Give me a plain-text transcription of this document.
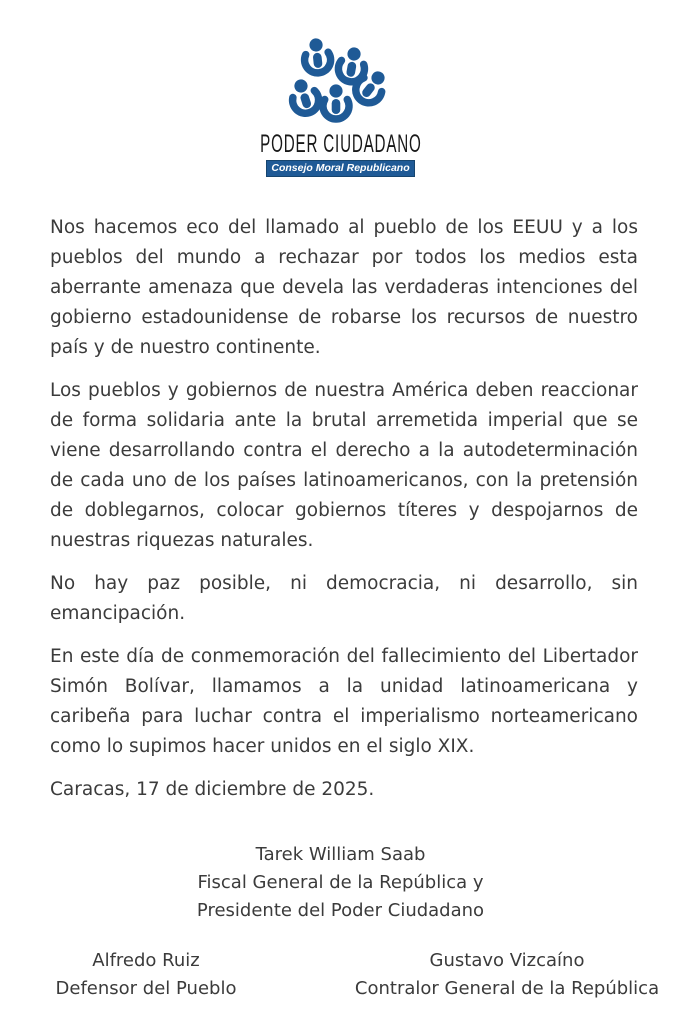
PODER CIUDADANO
Consejo Moral Republicano

Nos hacemos eco del llamado al pueblo de los EEUU y a los pueblos del mundo a rechazar por todos los medios esta aberrante amenaza que devela las verdaderas intenciones del gobierno estadounidense de robarse los recursos de nuestro país y de nuestro continente.

Los pueblos y gobiernos de nuestra América deben reaccionar de forma solidaria ante la brutal arremetida imperial que se viene desarrollando contra el derecho a la autodeterminación de cada uno de los países latinoamericanos, con la pretensión de doblegarnos, colocar gobiernos títeres y despojarnos de nuestras riquezas naturales.

No hay paz posible, ni democracia, ni desarrollo, sin emancipación.

En este día de conmemoración del fallecimiento del Libertador Simón Bolívar, llamamos a la unidad latinoamericana y caribeña para luchar contra el imperialismo norteamericano como lo supimos hacer unidos en el siglo XIX.

Caracas, 17 de diciembre de 2025.

Tarek William Saab
Fiscal General de la República y
Presidente del Poder Ciudadano
Alfredo Ruiz
Defensor del Pueblo
Gustavo Vizcaíno
Contralor General de la República
